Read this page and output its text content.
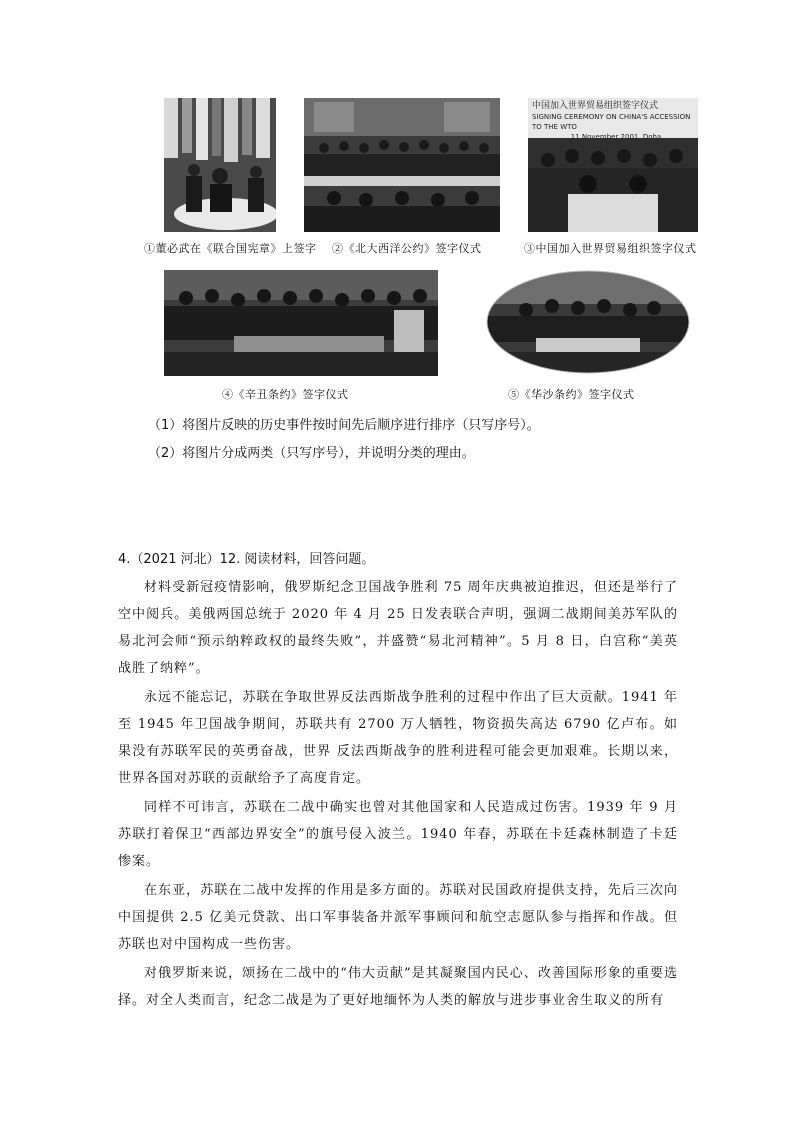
①董必武在《联合国宪章》上签字 ②《北大西洋公约》签字仪式
中国加入世界贸易组织签字仪式
SIGNING CEREMONY ON CHINA'S ACCESSION TO THE WTO
11 November 2001, Doha
③中国加入世界贸易组织签字仪式
④《辛丑条约》签字仪式	⑤《华沙条约》签字仪式
（1）将图片反映的历史事件按时间先后顺序进行排序（只写序号）。
（2）将图片分成两类（只写序号），并说明分类的理由。
4.（2021 河北）12. 阅读材料，回答问题。

材料受新冠疫情影响，俄罗斯纪念卫国战争胜利 75 周年庆典被迫推迟，但还是举行了空中阅兵。美俄两国总统于 2020 年 4 月 25 日发表联合声明，强调二战期间美苏军队的易北河会师“预示纳粹政权的最终失败”，并盛赞“易北河精神”。5 月 8 日，白宫称“美英战胜了纳粹”。

永远不能忘记，苏联在争取世界反法西斯战争胜利的过程中作出了巨大贡献。1941 年至 1945 年卫国战争期间，苏联共有 2700 万人牺牲，物资损失高达 6790 亿卢布。如果没有苏联军民的英勇奋战，世界 反法西斯战争的胜利进程可能会更加艰难。长期以来，世界各国对苏联的贡献给予了高度肯定。

同样不可讳言，苏联在二战中确实也曾对其他国家和人民造成过伤害。1939 年 9 月苏联打着保卫“西部边界安全”的旗号侵入波兰。1940 年春，苏联在卡廷森林制造了卡廷惨案。

在东亚，苏联在二战中发挥的作用是多方面的。苏联对民国政府提供支持，先后三次向中国提供 2.5 亿美元贷款、出口军事装备并派军事顾问和航空志愿队参与指挥和作战。但苏联也对中国构成一些伤害。

对俄罗斯来说，颂扬在二战中的“伟大贡献”是其凝聚国内民心、改善国际形象的重要选择。对全人类而言，纪念二战是为了更好地缅怀为人类的解放与进步事业舍生取义的所有
